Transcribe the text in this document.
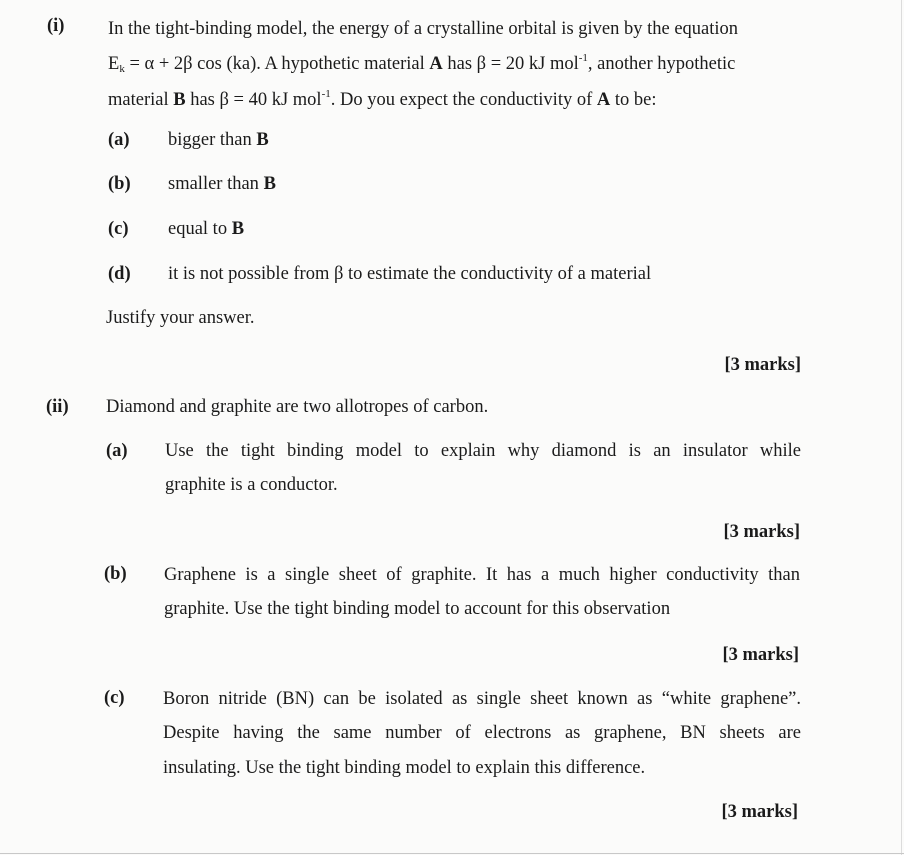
(i) In the tight-binding model, the energy of a crystalline orbital is given by the equation
$E_k = \alpha + 2\beta$ cos (ka). A hypothetic material A has β = 20 kJ mol$^{-1}$, another hypothetic
material B has β = 40 kJ mol$^{-1}$. Do you expect the conductivity of A to be:
(a) bigger than B
(b) smaller than B
(c) equal to B
(d) it is not possible from β to estimate the conductivity of a material
Justify your answer.
[3 marks]
(ii) Diamond and graphite are two allotropes of carbon.
(a) Use the tight binding model to explain why diamond is an insulator while
graphite is a conductor.
[3 marks]
(b) Graphene is a single sheet of graphite. It has a much higher conductivity than
graphite. Use the tight binding model to account for this observation
[3 marks]
(c) Boron nitride (BN) can be isolated as single sheet known as “white graphene”.
Despite having the same number of electrons as graphene, BN sheets are
insulating. Use the tight binding model to explain this difference.
[3 marks]
